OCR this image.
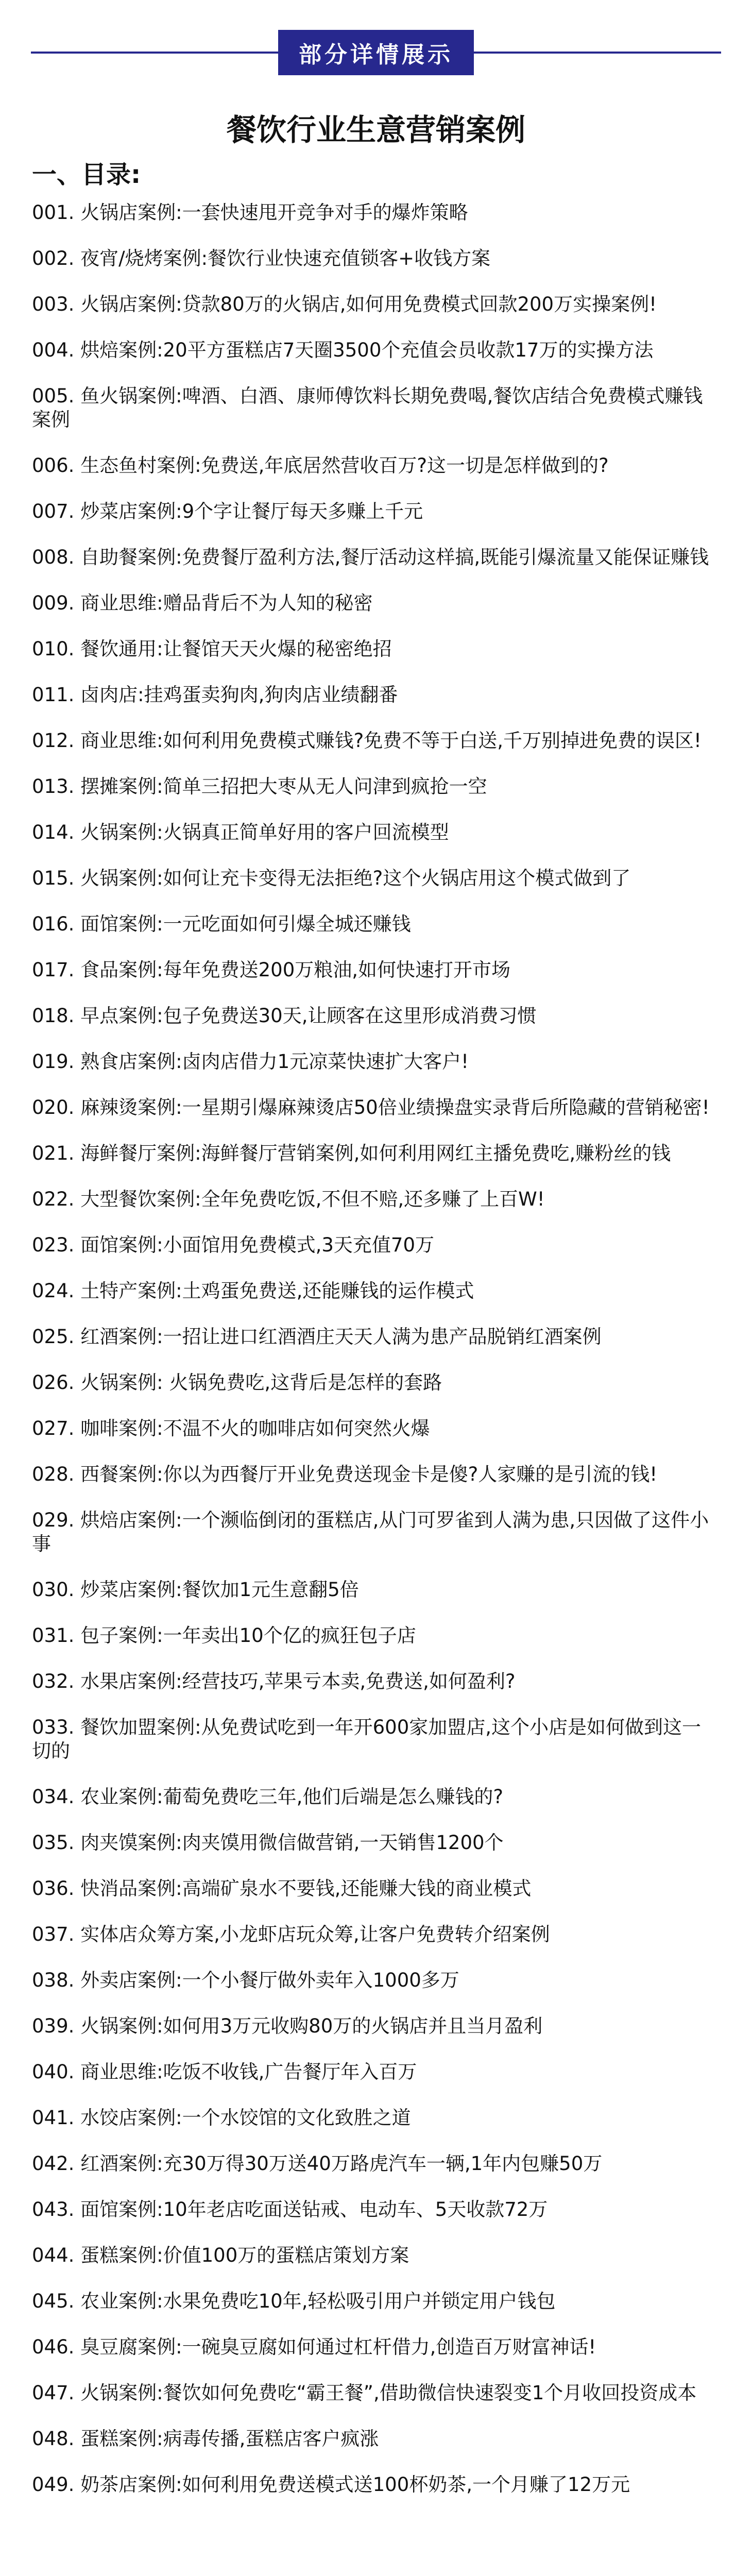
部分详情展示
餐饮行业生意营销案例
一、目录:
001. 火锅店案例:一套快速甩开竞争对手的爆炸策略
002. 夜宵/烧烤案例:餐饮行业快速充值锁客+收钱方案
003. 火锅店案例:贷款80万的火锅店,如何用免费模式回款200万实操案例!
004. 烘焙案例:20平方蛋糕店7天圈3500个充值会员收款17万的实操方法
005. 鱼火锅案例:啤酒、白酒、康师傅饮料长期免费喝,餐饮店结合免费模式赚钱案例
006. 生态鱼村案例:免费送,年底居然营收百万?这一切是怎样做到的?
007. 炒菜店案例:9个字让餐厅每天多赚上千元
008. 自助餐案例:免费餐厅盈利方法,餐厅活动这样搞,既能引爆流量又能保证赚钱
009. 商业思维:赠品背后不为人知的秘密
010. 餐饮通用:让餐馆天天火爆的秘密绝招
011. 卤肉店:挂鸡蛋卖狗肉,狗肉店业绩翻番
012. 商业思维:如何利用免费模式赚钱?免费不等于白送,千万别掉进免费的误区!
013. 摆摊案例:简单三招把大枣从无人问津到疯抢一空
014. 火锅案例:火锅真正简单好用的客户回流模型
015. 火锅案例:如何让充卡变得无法拒绝?这个火锅店用这个模式做到了
016. 面馆案例:一元吃面如何引爆全城还赚钱
017. 食品案例:每年免费送200万粮油,如何快速打开市场
018. 早点案例:包子免费送30天,让顾客在这里形成消费习惯
019. 熟食店案例:卤肉店借力1元凉菜快速扩大客户!
020. 麻辣烫案例:一星期引爆麻辣烫店50倍业绩操盘实录背后所隐藏的营销秘密!
021. 海鲜餐厅案例:海鲜餐厅营销案例,如何利用网红主播免费吃,赚粉丝的钱
022. 大型餐饮案例:全年免费吃饭,不但不赔,还多赚了上百W!
023. 面馆案例:小面馆用免费模式,3天充值70万
024. 土特产案例:土鸡蛋免费送,还能赚钱的运作模式
025. 红酒案例:一招让进口红酒酒庄天天人满为患产品脱销红酒案例
026. 火锅案例: 火锅免费吃,这背后是怎样的套路
027. 咖啡案例:不温不火的咖啡店如何突然火爆
028. 西餐案例:你以为西餐厅开业免费送现金卡是傻?人家赚的是引流的钱!
029. 烘焙店案例:一个濒临倒闭的蛋糕店,从门可罗雀到人满为患,只因做了这件小事
030. 炒菜店案例:餐饮加1元生意翻5倍
031. 包子案例:一年卖出10个亿的疯狂包子店
032. 水果店案例:经营技巧,苹果亏本卖,免费送,如何盈利?
033. 餐饮加盟案例:从免费试吃到一年开600家加盟店,这个小店是如何做到这一切的
034. 农业案例:葡萄免费吃三年,他们后端是怎么赚钱的?
035. 肉夹馍案例:肉夹馍用微信做营销,一天销售1200个
036. 快消品案例:高端矿泉水不要钱,还能赚大钱的商业模式
037. 实体店众筹方案,小龙虾店玩众筹,让客户免费转介绍案例
038. 外卖店案例:一个小餐厅做外卖年入1000多万
039. 火锅案例:如何用3万元收购80万的火锅店并且当月盈利
040. 商业思维:吃饭不收钱,广告餐厅年入百万
041. 水饺店案例:一个水饺馆的文化致胜之道
042. 红酒案例:充30万得30万送40万路虎汽车一辆,1年内包赚50万
043. 面馆案例:10年老店吃面送钻戒、电动车、5天收款72万
044. 蛋糕案例:价值100万的蛋糕店策划方案
045. 农业案例:水果免费吃10年,轻松吸引用户并锁定用户钱包
046. 臭豆腐案例:一碗臭豆腐如何通过杠杆借力,创造百万财富神话!
047. 火锅案例:餐饮如何免费吃“霸王餐”,借助微信快速裂变1个月收回投资成本
048. 蛋糕案例:病毒传播,蛋糕店客户疯涨
049. 奶茶店案例:如何利用免费送模式送100杯奶茶,一个月赚了12万元
